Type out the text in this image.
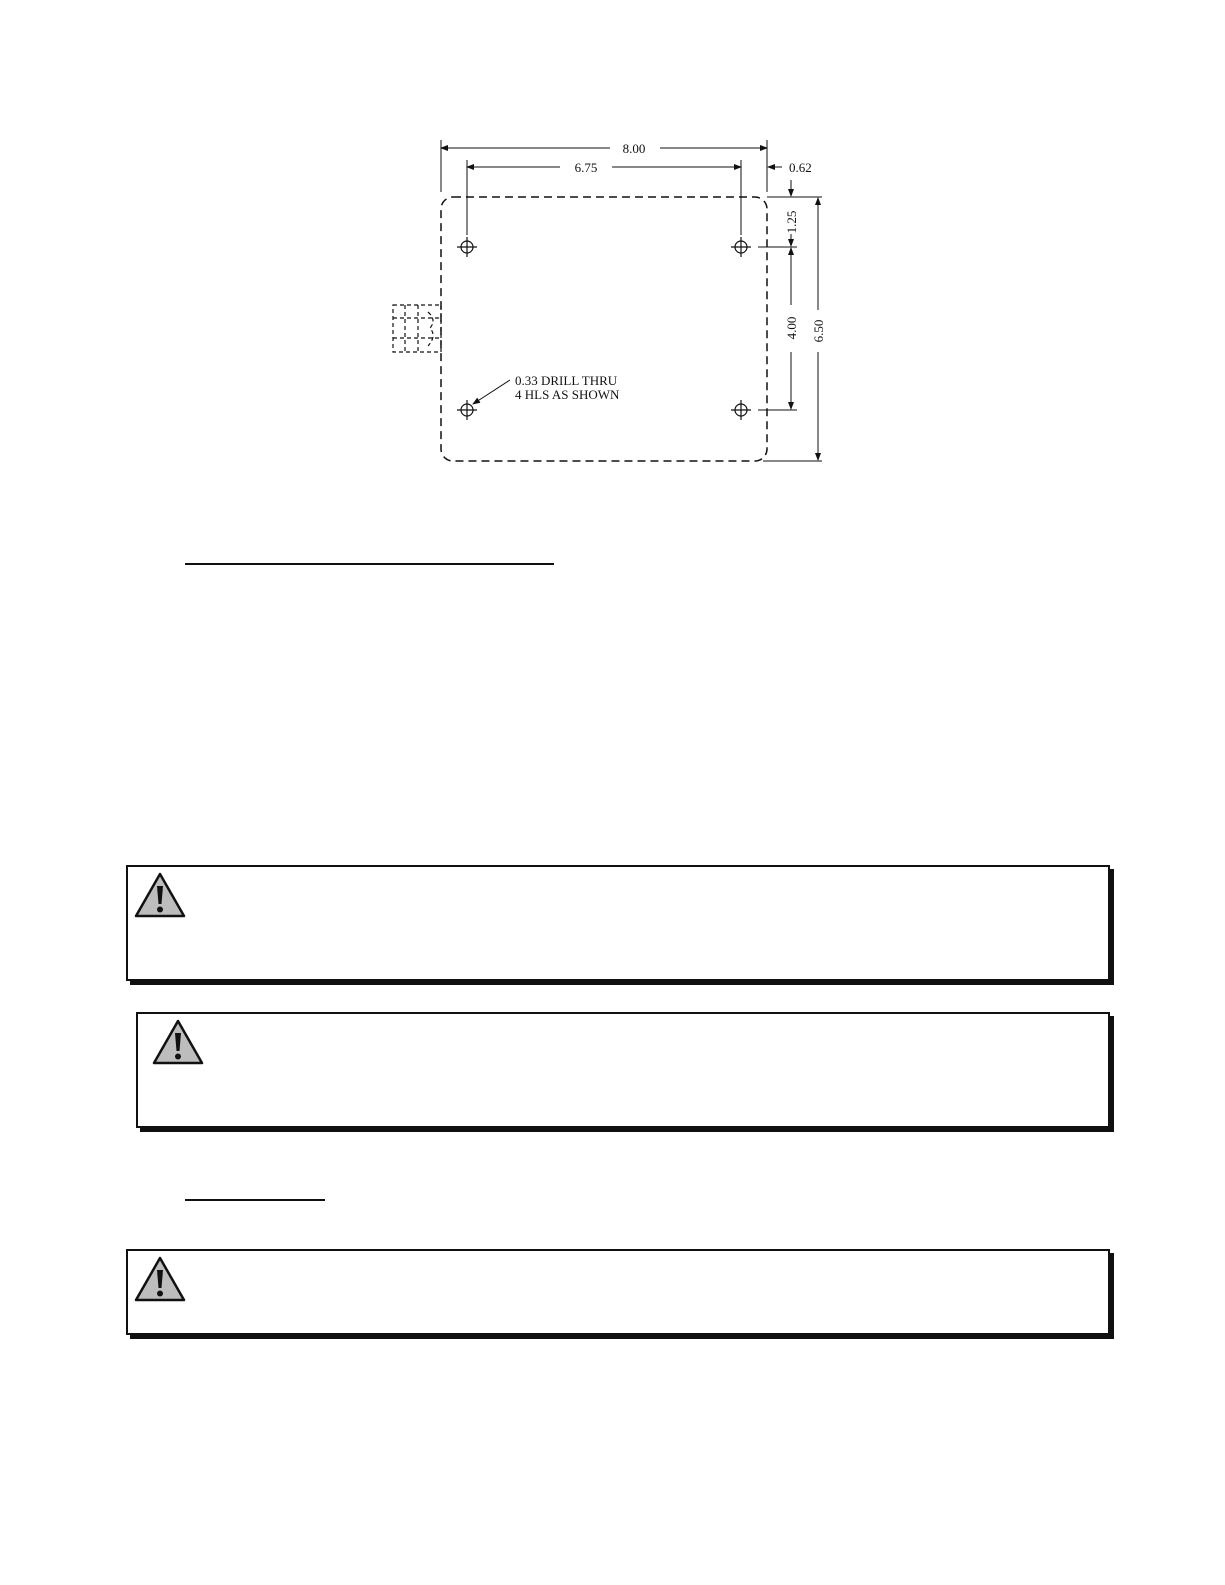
8.00
6.75	0.62
1.25
4.00 6.50
0.33 DRILL THRU
4 HLS AS SHOWN
